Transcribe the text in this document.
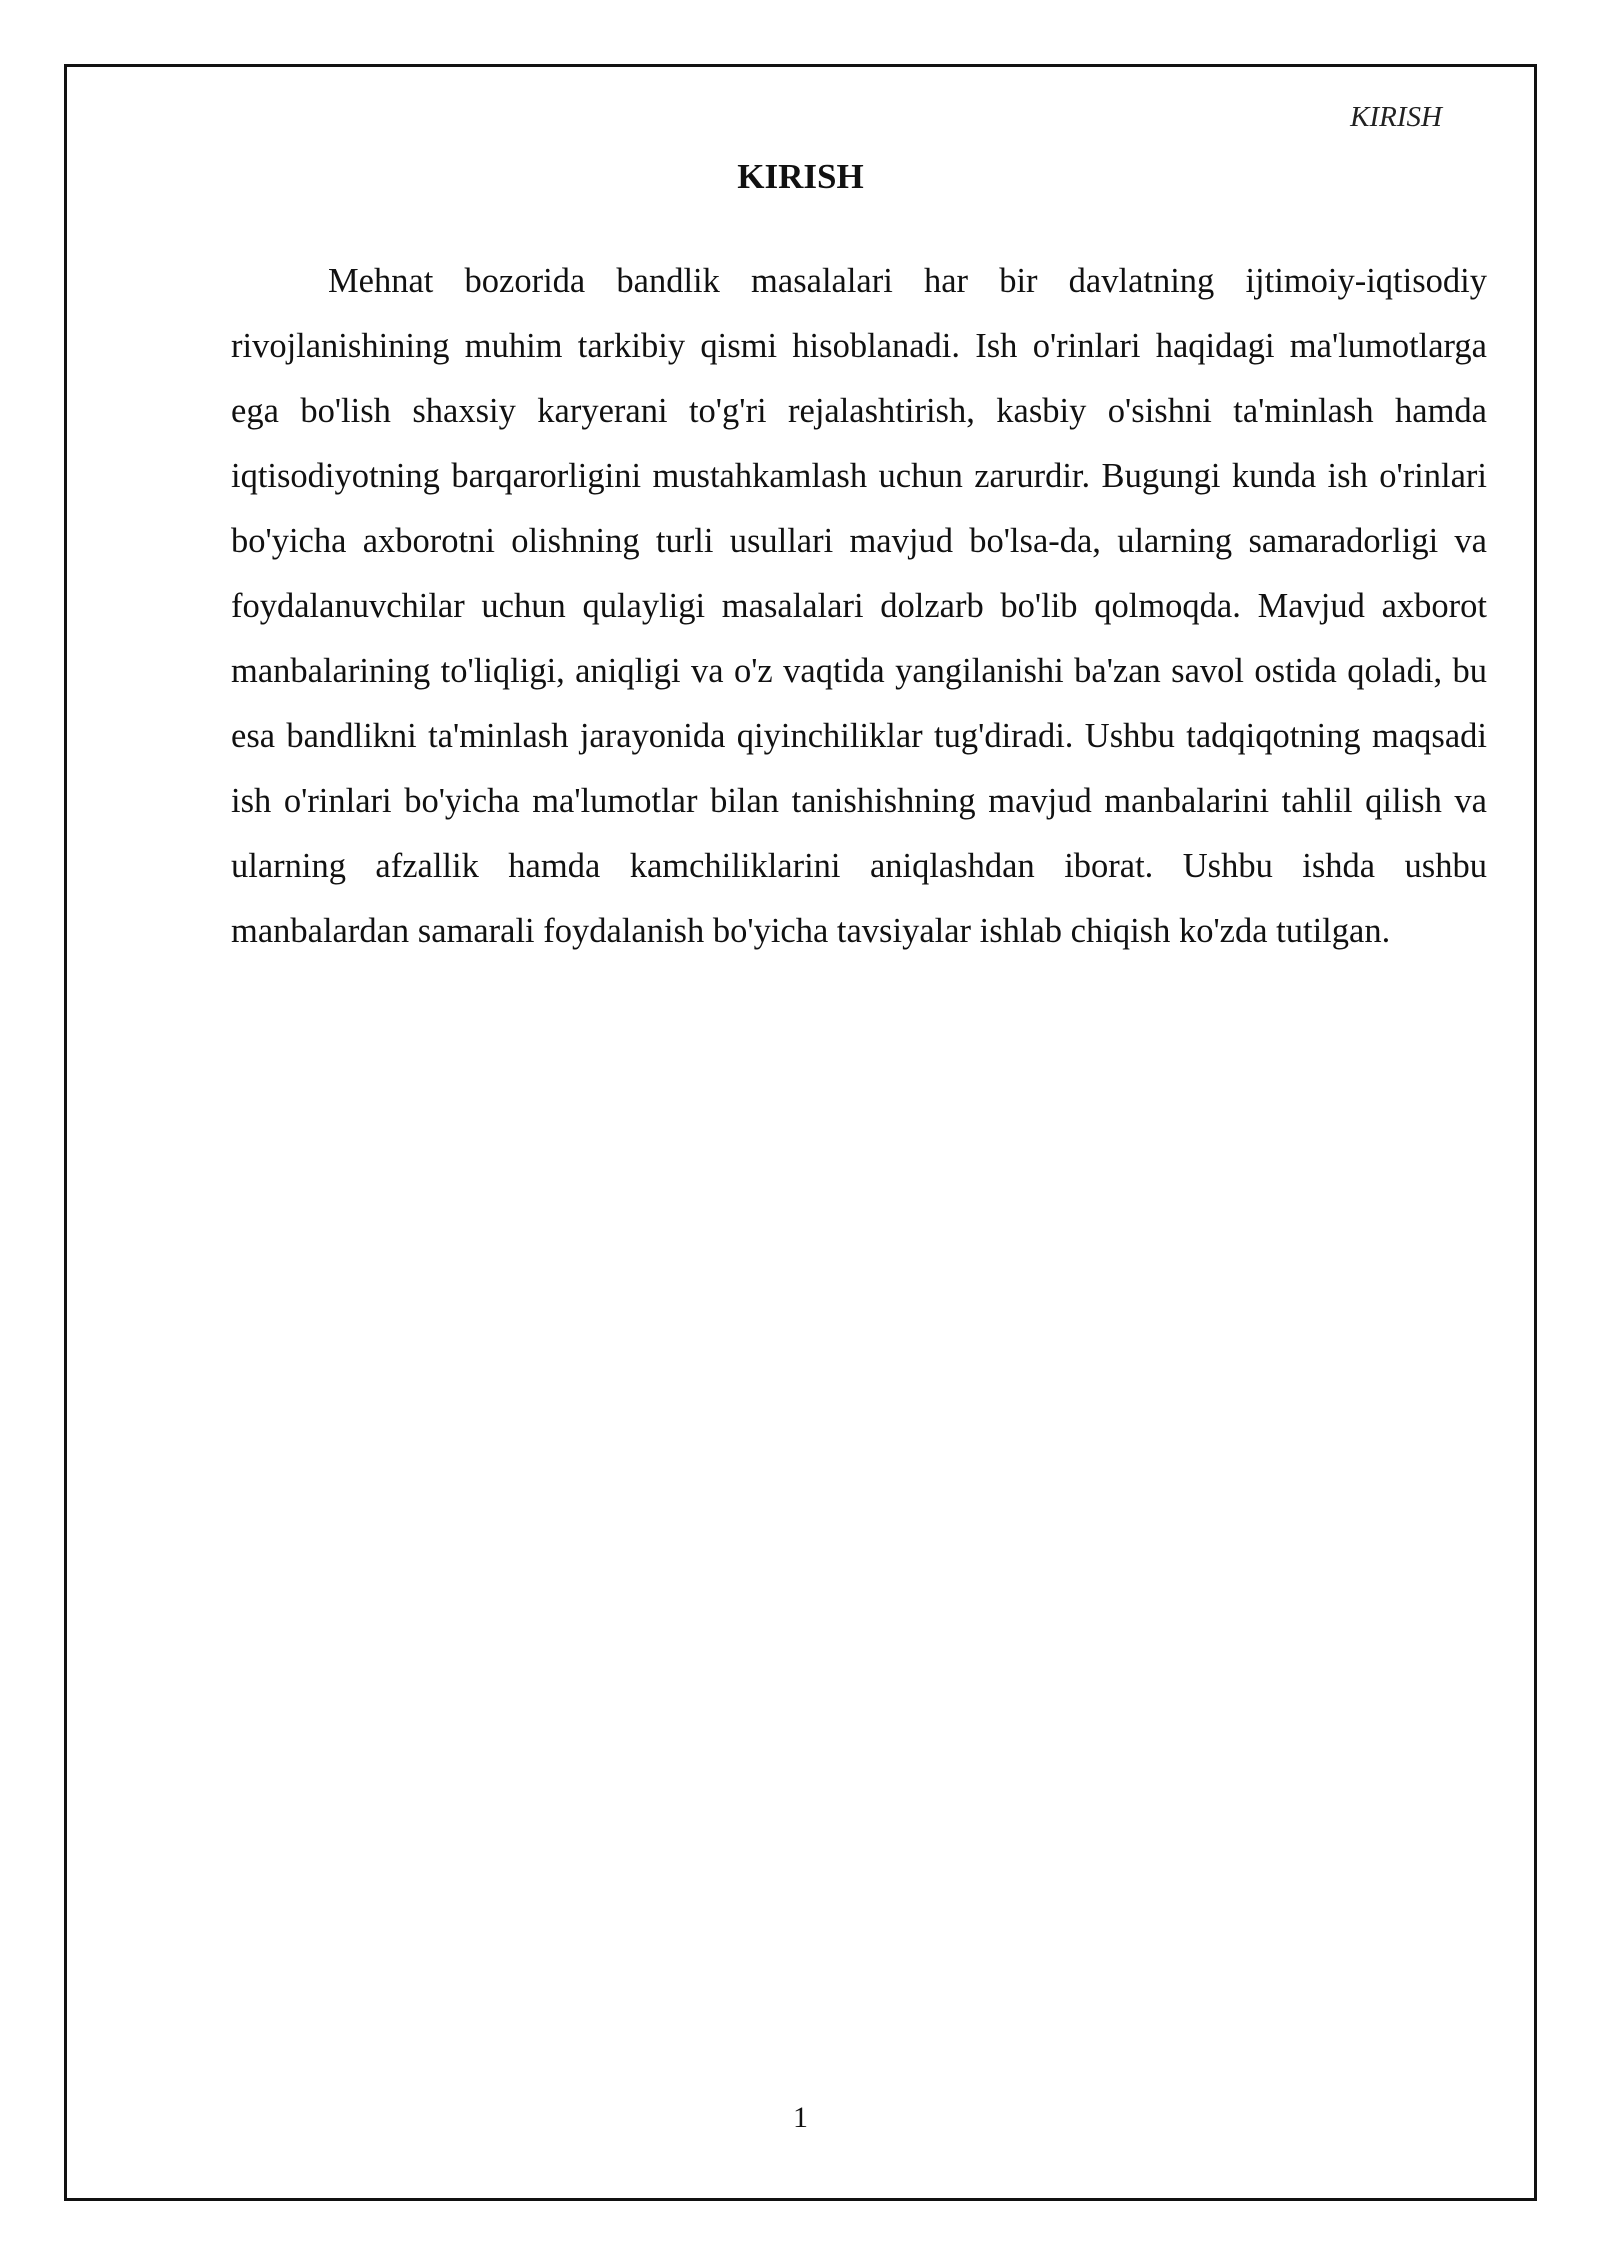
KIRISH
KIRISH

Mehnat bozorida bandlik masalalari har bir davlatning ijtimoiy-iqtisodiy rivojlanishining muhim tarkibiy qismi hisoblanadi. Ish o'rinlari haqidagi ma'lumotlarga ega bo'lish shaxsiy karyerani to'g'ri rejalashtirish, kasbiy o'sishni ta'minlash hamda iqtisodiyotning barqarorligini mustahkamlash uchun zarurdir. Bugungi kunda ish o'rinlari bo'yicha axborotni olishning turli usullari mavjud bo'lsa-da, ularning samaradorligi va foydalanuvchilar uchun qulayligi masalalari dolzarb bo'lib qolmoqda. Mavjud axborot manbalarining to'liqligi, aniqligi va o'z vaqtida yangilanishi ba'zan savol ostida qoladi, bu esa bandlikni ta'minlash jarayonida qiyinchiliklar tug'diradi. Ushbu tadqiqotning maqsadi ish o'rinlari bo'yicha ma'lumotlar bilan tanishishning mavjud manbalarini tahlil qilish va ularning afzallik hamda kamchiliklarini aniqlashdan iborat. Ushbu ishda ushbu manbalardan samarali foydalanish bo'yicha tavsiyalar ishlab chiqish ko'zda tutilgan.

1
